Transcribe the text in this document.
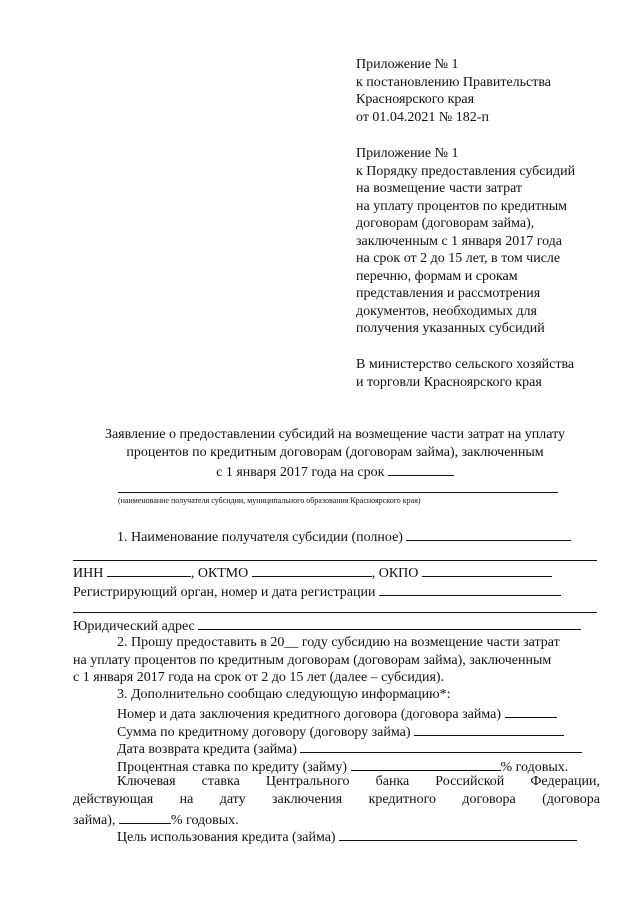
Приложение № 1
к постановлению Правительства
Красноярского края
от 01.04.2021 № 182-п
Приложение № 1
к Порядку предоставления субсидий
на возмещение части затрат
на уплату процентов по кредитным
договорам (договорам займа),
заключенным с 1 января 2017 года
на срок от 2 до 15 лет, в том числе
перечню, формам и срокам
представления и рассмотрения
документов, необходимых для
получения указанных субсидий
В министерство сельского хозяйства
и торговли Красноярского края
Заявление о предоставлении субсидий на возмещение части затрат на уплату
процентов по кредитным договорам (договорам займа), заключенным
с 1 января 2017 года на срок
(наименование получателя субсидии, муниципального образования Красноярского края)
1. Наименование получателя субсидии (полное)
ИНН	, ОКТМО	, ОКПО
Регистрирующий орган, номер и дата регистрации
Юридический адрес
2. Прошу предоставить в 20__ году субсидию на возмещение части затрат
на уплату процентов по кредитным договорам (договорам займа), заключенным
с 1 января 2017 года на срок от 2 до 15 лет (далее – субсидия).
3. Дополнительно сообщаю следующую информацию*:
Номер и дата заключения кредитного договора (договора займа)
Сумма по кредитному договору (договору займа)
Дата возврата кредита (займа)
Процентная ставка по кредиту (займу)	% годовых.
Ключевая ставка Центрального банка Российской Федерации,
действующая на дату заключения кредитного договора (договора
займа),	% годовых.
Цель использования кредита (займа)
